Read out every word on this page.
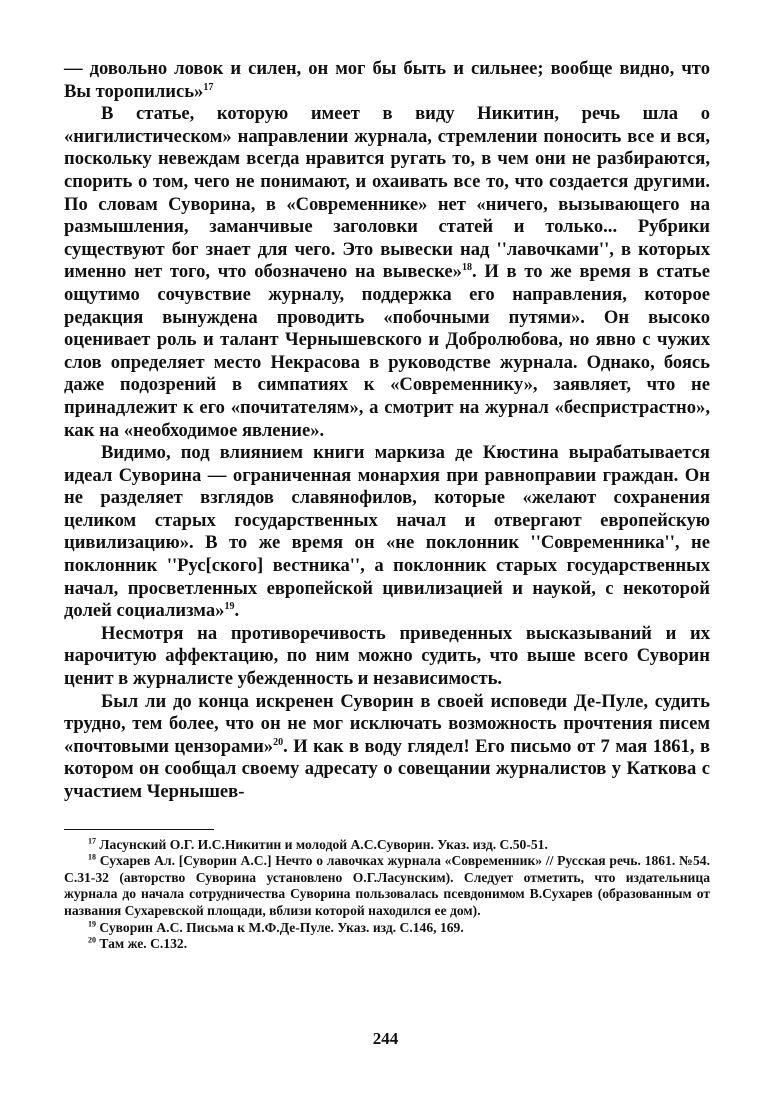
— довольно ловок и силен, он мог бы быть и сильнее; вообще видно, что Вы торопились»$^{17}$

В статье, которую имеет в виду Никитин, речь шла о «нигилистическом» направлении журнала, стремлении поносить все и вся, поскольку невеждам всегда нравится ругать то, в чем они не разбираются, спорить о том, чего не понимают, и охаивать все то, что создается другими. По словам Суворина, в «Современнике» нет «ничего, вызывающего на размышления, заманчивые заголовки статей и только... Рубрики существуют бог знает для чего. Это вывески над ''лавочками'', в которых именно нет того, что обозначено на вывеске»$^{18}$. И в то же время в статье ощутимо сочувствие журналу, поддержка его направления, которое редакция вынуждена проводить «побочными путями». Он высоко оценивает роль и талант Чернышевского и Добролюбова, но явно с чужих слов определяет место Некрасова в руководстве журнала. Однако, боясь даже подозрений в симпатиях к «Современнику», заявляет, что не принадлежит к его «почитателям», а смотрит на журнал «беспристрастно», как на «необходимое явление».

Видимо, под влиянием книги маркиза де Кюстина вырабатывается идеал Суворина — ограниченная монархия при равноправии граждан. Он не разделяет взглядов славянофилов, которые «желают сохранения целиком старых государственных начал и отвергают европейскую цивилизацию». В то же время он «не поклонник ''Современника'', не поклонник ''Рус[ского] вестника'', а поклонник старых государственных начал, просветленных европейской цивилизацией и наукой, с некоторой долей социализма»$^{19}$.

Несмотря на противоречивость приведенных высказываний и их нарочитую аффектацию, по ним можно судить, что выше всего Суворин ценит в журналисте убежденность и независимость.

Был ли до конца искренен Суворин в своей исповеди Де-Пуле, судить трудно, тем более, что он не мог исключать возможность прочтения писем «почтовыми цензорами»$^{20}$. И как в воду глядел! Его письмо от 7 мая 1861, в котором он сообщал своему адресату о совещании журналистов у Каткова с участием Чернышев-

$^{17}$ Ласунский О.Г. И.С.Никитин и молодой А.С.Суворин. Указ. изд. С.50-51.

$^{18}$ Сухарев Ал. [Суворин А.С.] Нечто о лавочках журнала «Современник» // Русская речь. 1861. №54. С.31-32 (авторство Суворина установлено О.Г.Ласунским). Следует отметить, что издательница журнала до начала сотрудничества Суворина пользовалась псевдонимом В.Сухарев (образованным от названия Сухаревской площади, вблизи которой находился ее дом).

$^{19}$ Суворин А.С. Письма к М.Ф.Де-Пуле. Указ. изд. С.146, 169.

$^{20}$ Там же. С.132.

244
